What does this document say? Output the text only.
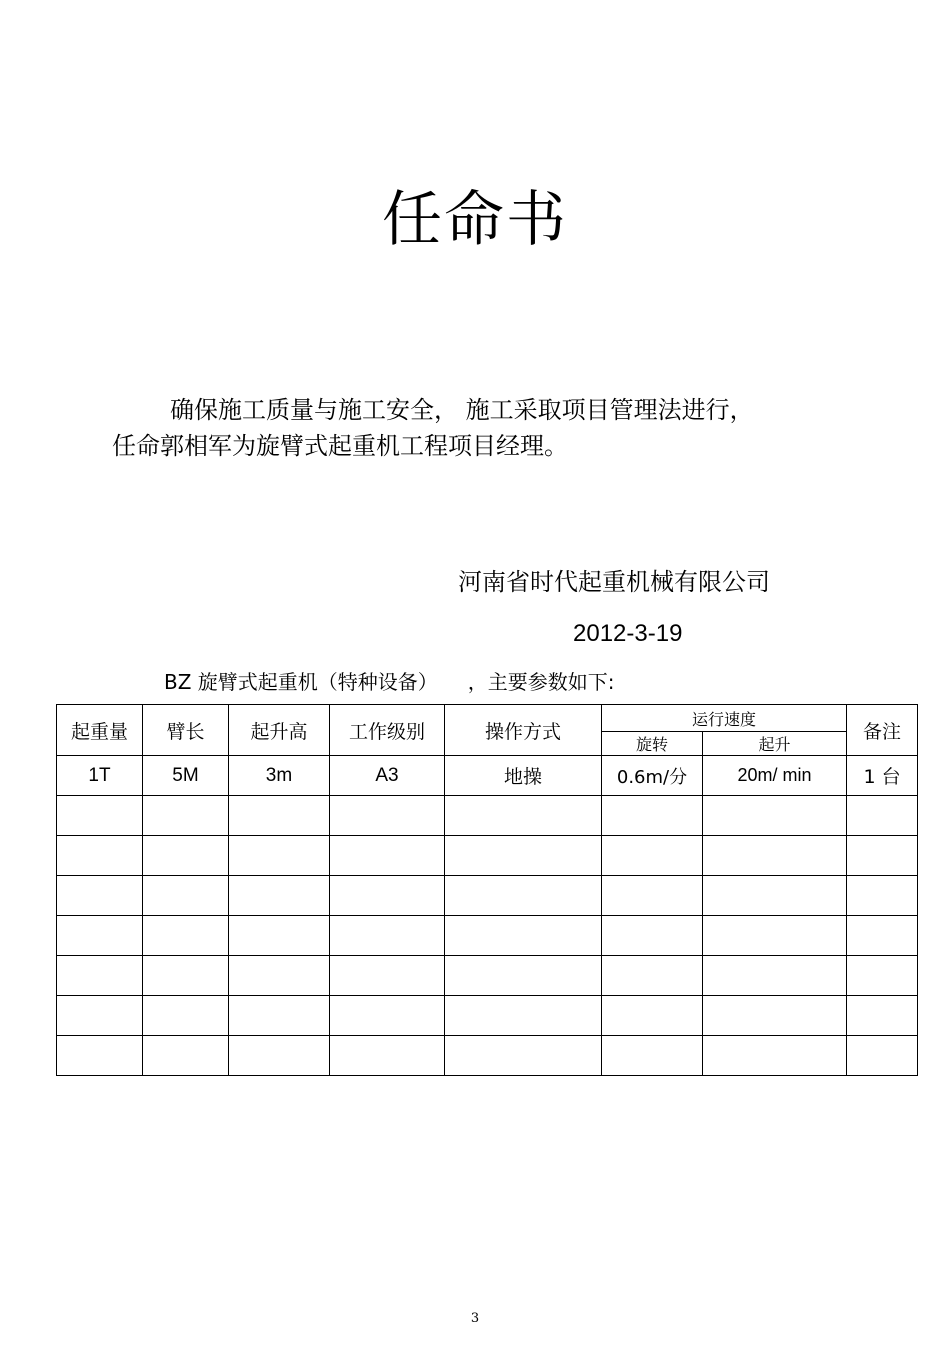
任命书
确保施工质量与施工安全， 施工采取项目管理法进行，
任命郭相军为旋臂式起重机工程项目经理。
河南省时代起重机械有限公司
2012-3-19
BZ 旋臂式起重机（特种设备） ，主要参数如下:
起重量	臂长	起升高	工作级别	操作方式	运行速度		备注
					旋转	起升	
1T	5M	3m	A3	地操	0.6m/分	20m/ min	1 台

3
